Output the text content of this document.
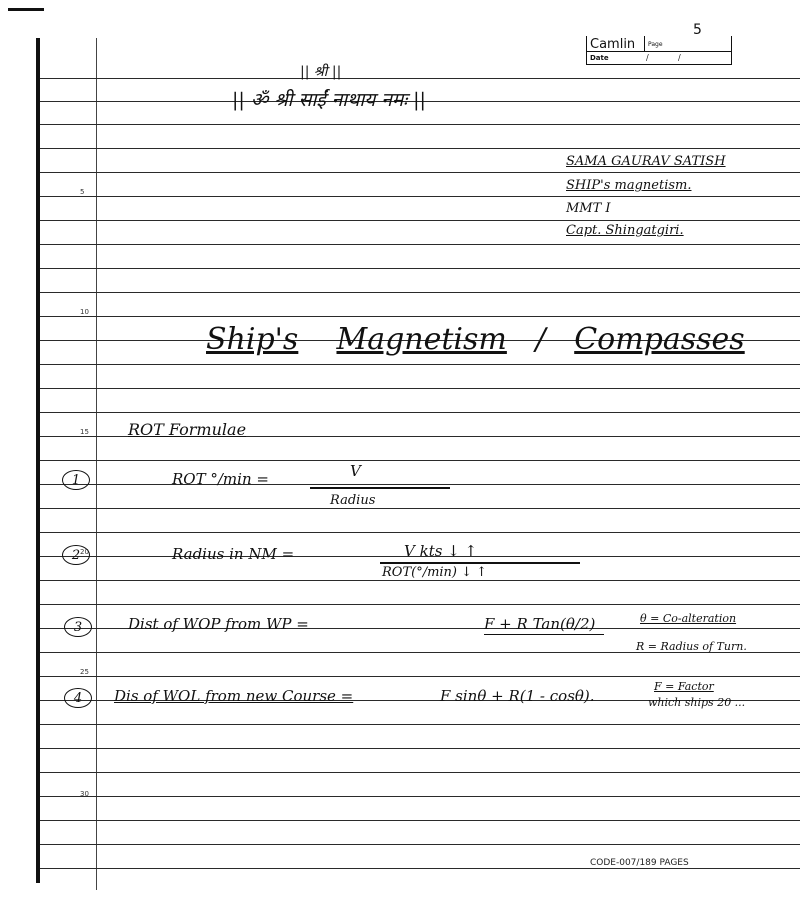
5
10
15
20
25
30
Camlin Page
Date	/	/
5
|| श्री ||
|| ॐ श्री साईं नाथाय नमः ||
SAMA GAURAV SATISH
SHIP's magnetism.
MMT I
Capt. Shingatgiri.
Ship's Magnetism / Compasses
ROT Formulae
1	ROT °/min =	V
Radius
2	Radius in NM =	V kts ↓ ↑
ROT(°/min) ↓ ↑
3	Dist of WOP from WP =	F + R Tan(θ/2)	θ = Co-alteration
R = Radius of Turn.
4 Dis of WOL from new Course =	F sinθ + R(1 - cosθ).
F = Factor
which ships 20 ...
CODE-007/189 PAGES
